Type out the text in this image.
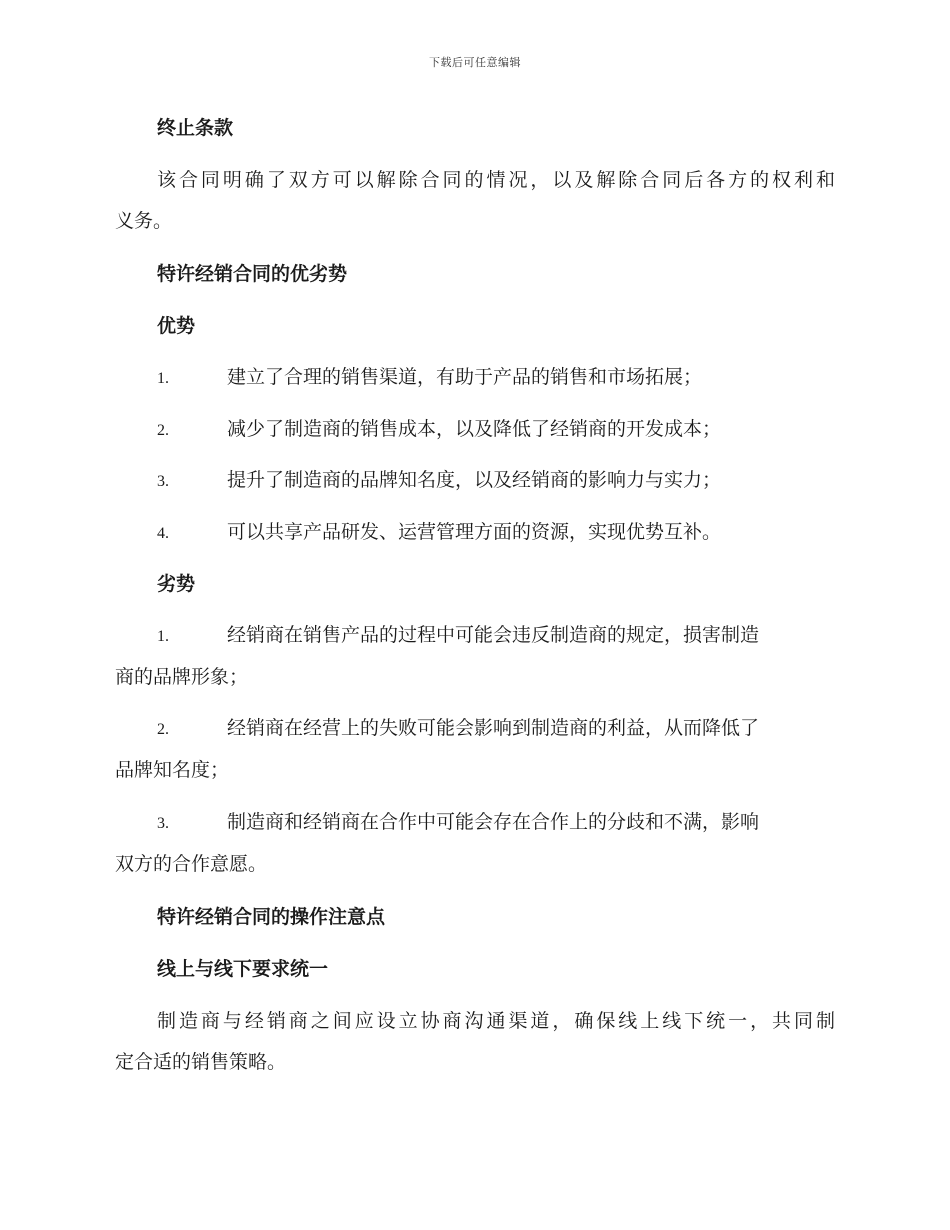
下载后可任意编辑
终止条款
该合同明确了双方可以解除合同的情况，以及解除合同后各方的权利和
义务。
特许经销合同的优劣势
优势
1.	建立了合理的销售渠道，有助于产品的销售和市场拓展；
2.	减少了制造商的销售成本，以及降低了经销商的开发成本；
3.	提升了制造商的品牌知名度，以及经销商的影响力与实力；
4.	可以共享产品研发、运营管理方面的资源，实现优势互补。
劣势
1.	经销商在销售产品的过程中可能会违反制造商的规定，损害制造
商的品牌形象；
2.	经销商在经营上的失败可能会影响到制造商的利益，从而降低了
品牌知名度；
3.	制造商和经销商在合作中可能会存在合作上的分歧和不满，影响
双方的合作意愿。
特许经销合同的操作注意点
线上与线下要求统一
制造商与经销商之间应设立协商沟通渠道，确保线上线下统一，共同制
定合适的销售策略。
